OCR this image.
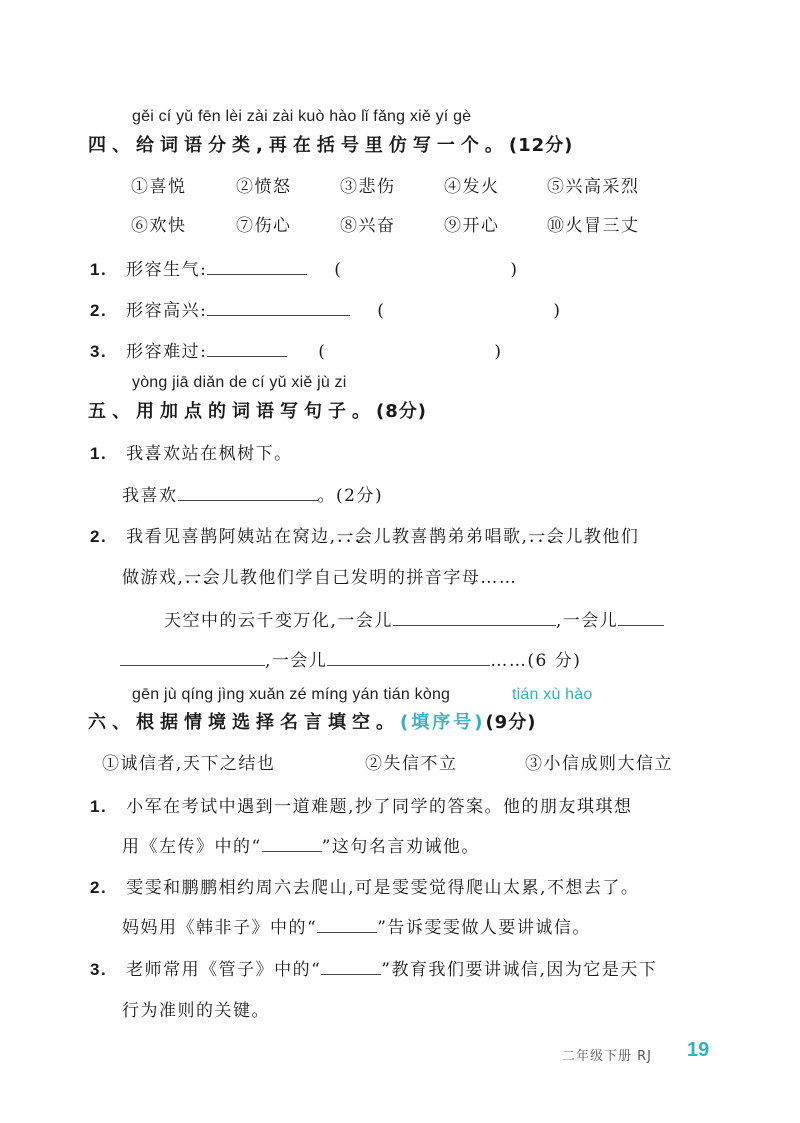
gěi cí yǔ fēn lèi zài zài kuò hào lǐ fǎng xiě yí gè
四、给词语分类,再在括号里仿写一个。(12分)
①喜悦	②愤怒	③悲伤	④发火	⑤兴高采烈
⑥欢快	⑦伤心	⑧兴奋	⑨开心	⑩火冒三丈
1. 形容生气:	(	)
2. 形容高兴:	(	)
3. 形容难过:	(	)
yòng jiā diǎn de cí yǔ xiě jù zi
五、用加点的词语写句子。(8分)
1. 我喜欢 • •站在枫树下。
我喜欢	。(2分)
2. 我看见喜鹊阿姨站在窝边,一会儿 • • •教喜鹊弟弟唱歌,一会儿 • • •教他们
做游戏,一会儿 • • •教他们学自己发明的拼音字母……
天空中的云千变万化,一会儿	,一会儿
,一会儿	……(6 分)
gēn jù qíng jìng xuǎn zé míng yán tián kòng	tián xù hào
六、根据情境选择名言填空。(填序号)(9分)
①诚信者,天下之结也	②失信不立	③小信成则大信立
1. 小军在考试中遇到一道难题,抄了同学的答案。他的朋友琪琪想
用《左传》中的“	”这句名言劝诫他。
2. 雯雯和鹏鹏相约周六去爬山,可是雯雯觉得爬山太累,不想去了。
妈妈用《韩非子》中的“	”告诉雯雯做人要讲诚信。
3. 老师常用《管子》中的“	”教育我们要讲诚信,因为它是天下
行为准则的关键。
二年级下册 RJ 19
